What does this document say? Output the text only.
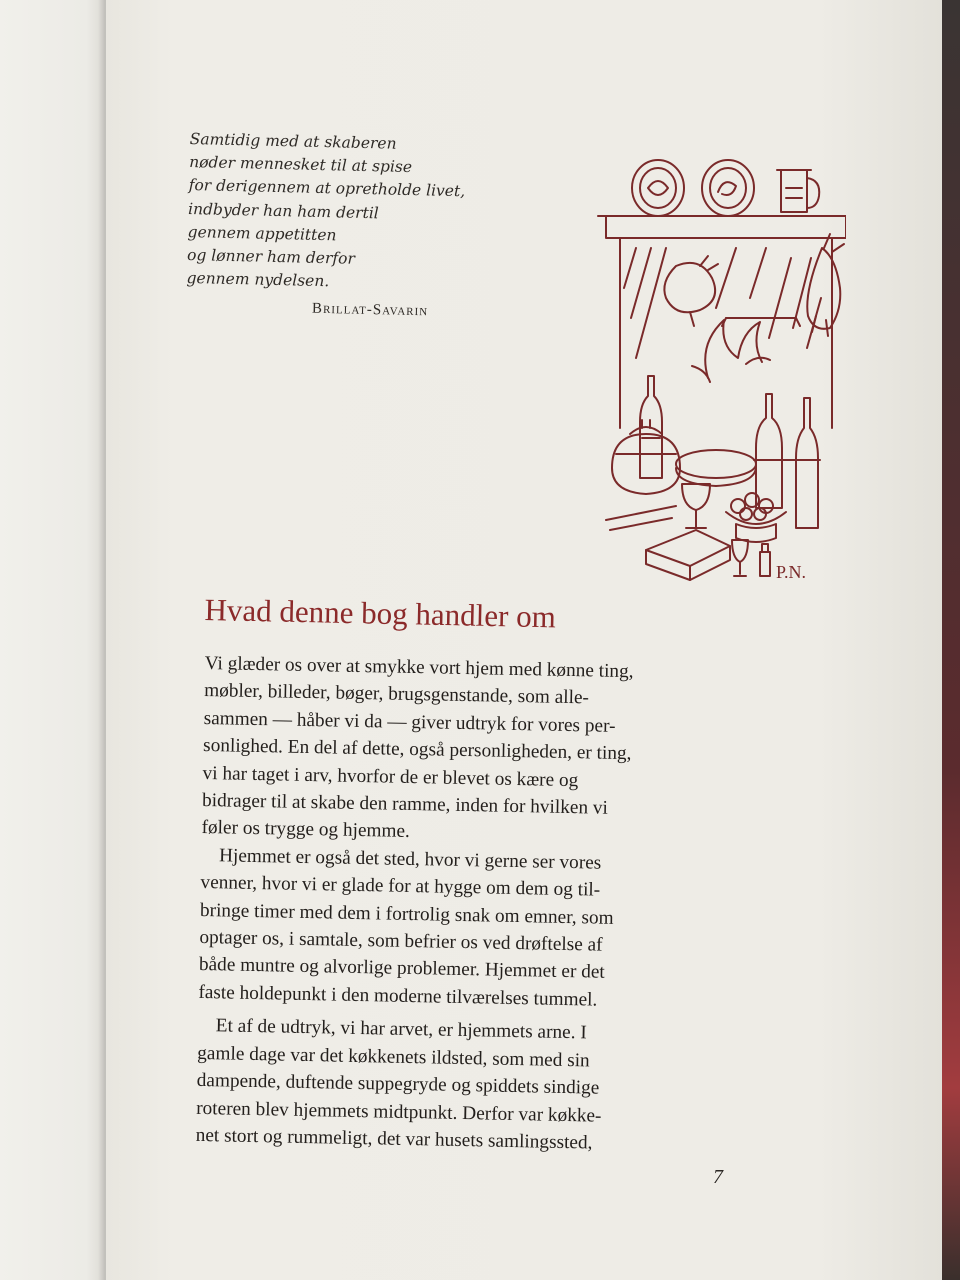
Samtidig med at skaberen
nøder mennesket til at spise
for derigennem at opretholde livet,
indbyder han ham dertil
gennem appetitten
og lønner ham derfor
gennem nydelsen.
Brillat-Savarin
P.N.
Hvad denne bog handler om
Vi glæder os over at smykke vort hjem med kønne ting,
møbler, billeder, bøger, brugsgenstande, som alle-
sammen — håber vi da — giver udtryk for vores per-
sonlighed. En del af dette, også personligheden, er ting,
vi har taget i arv, hvorfor de er blevet os kære og
bidrager til at skabe den ramme, inden for hvilken vi
føler os trygge og hjemme.
Hjemmet er også det sted, hvor vi gerne ser vores
venner, hvor vi er glade for at hygge om dem og til-
bringe timer med dem i fortrolig snak om emner, som
optager os, i samtale, som befrier os ved drøftelse af
både muntre og alvorlige problemer. Hjemmet er det
faste holdepunkt i den moderne tilværelses tummel.
Et af de udtryk, vi har arvet, er hjemmets arne. I
gamle dage var det køkkenets ildsted, som med sin
dampende, duftende suppegryde og spiddets sindige
roteren blev hjemmets midtpunkt. Derfor var køkke-
net stort og rummeligt, det var husets samlingssted,
7
